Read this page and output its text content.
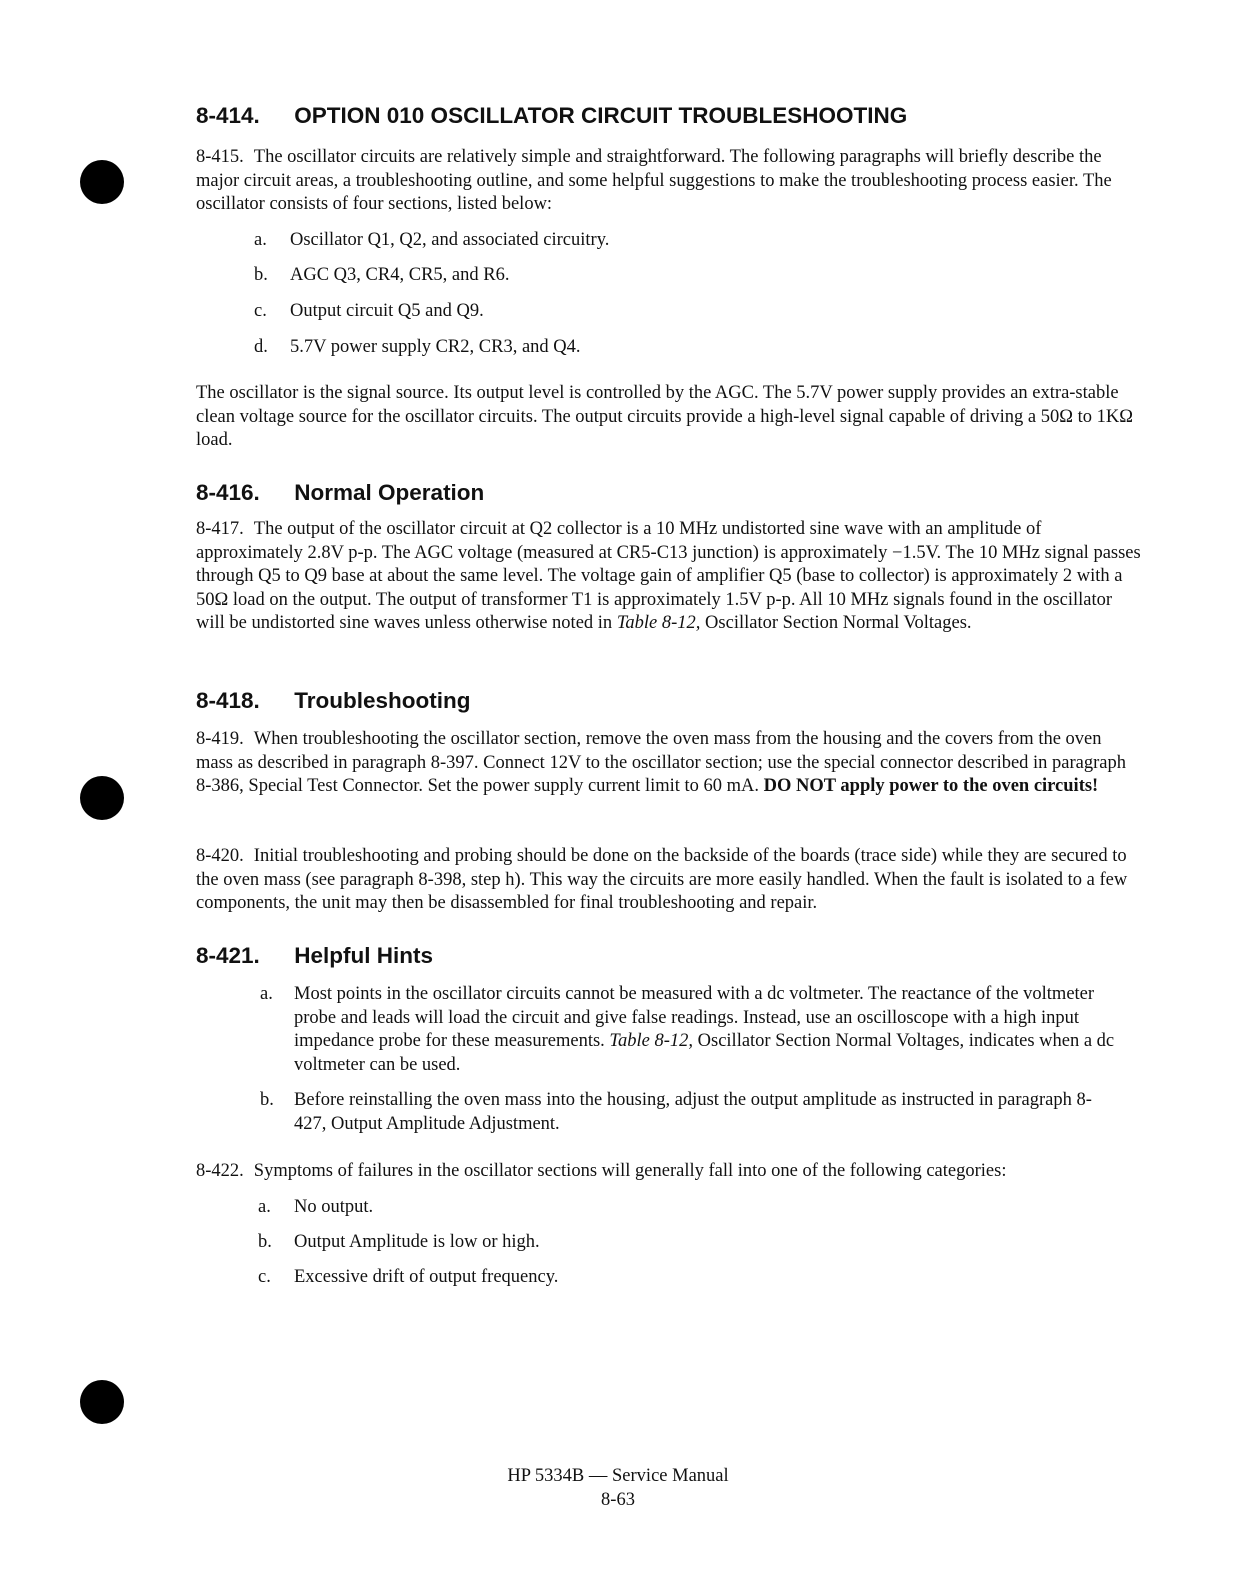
8-414. OPTION 010 OSCILLATOR CIRCUIT TROUBLESHOOTING

8-415. The oscillator circuits are relatively simple and straightforward. The following paragraphs will briefly describe the major circuit areas, a troubleshooting outline, and some helpful suggestions to make the troubleshooting process easier. The oscillator consists of four sections, listed below:

a. Oscillator Q1, Q2, and associated circuitry.
b. AGC Q3, CR4, CR5, and R6.
c. Output circuit Q5 and Q9.
d. 5.7V power supply CR2, CR3, and Q4.

The oscillator is the signal source. Its output level is controlled by the AGC. The 5.7V power supply provides an extra-stable clean voltage source for the oscillator circuits. The output circuits provide a high-level signal capable of driving a 50Ω to 1KΩ load.

8-416. Normal Operation

8-417. The output of the oscillator circuit at Q2 collector is a 10 MHz undistorted sine wave with an amplitude of approximately 2.8V p-p. The AGC voltage (measured at CR5-C13 junction) is approximately −1.5V. The 10 MHz signal passes through Q5 to Q9 base at about the same level. The voltage gain of amplifier Q5 (base to collector) is approximately 2 with a 50Ω load on the output. The output of transformer T1 is approximately 1.5V p-p. All 10 MHz signals found in the oscillator will be undistorted sine waves unless otherwise noted in Table 8-12, Oscillator Section Normal Voltages.

8-418. Troubleshooting

8-419. When troubleshooting the oscillator section, remove the oven mass from the housing and the covers from the oven mass as described in paragraph 8-397. Connect 12V to the oscillator section; use the special connector described in paragraph 8-386, Special Test Connector. Set the power supply current limit to 60 mA. DO NOT apply power to the oven circuits!

8-420. Initial troubleshooting and probing should be done on the backside of the boards (trace side) while they are secured to the oven mass (see paragraph 8-398, step h). This way the circuits are more easily handled. When the fault is isolated to a few components, the unit may then be disassembled for final troubleshooting and repair.

8-421. Helpful Hints
a. Most points in the oscillator circuits cannot be measured with a dc voltmeter. The reactance of the voltmeter probe and leads will load the circuit and give false readings. Instead, use an oscilloscope with a high input impedance probe for these measurements. Table 8-12, Oscillator Section Normal Voltages, indicates when a dc voltmeter can be used.
b. Before reinstalling the oven mass into the housing, adjust the output amplitude as instructed in paragraph 8-427, Output Amplitude Adjustment.

8-422. Symptoms of failures in the oscillator sections will generally fall into one of the following categories:

a. No output.
b. Output Amplitude is low or high.
c. Excessive drift of output frequency.
HP 5334B — Service Manual
8-63
